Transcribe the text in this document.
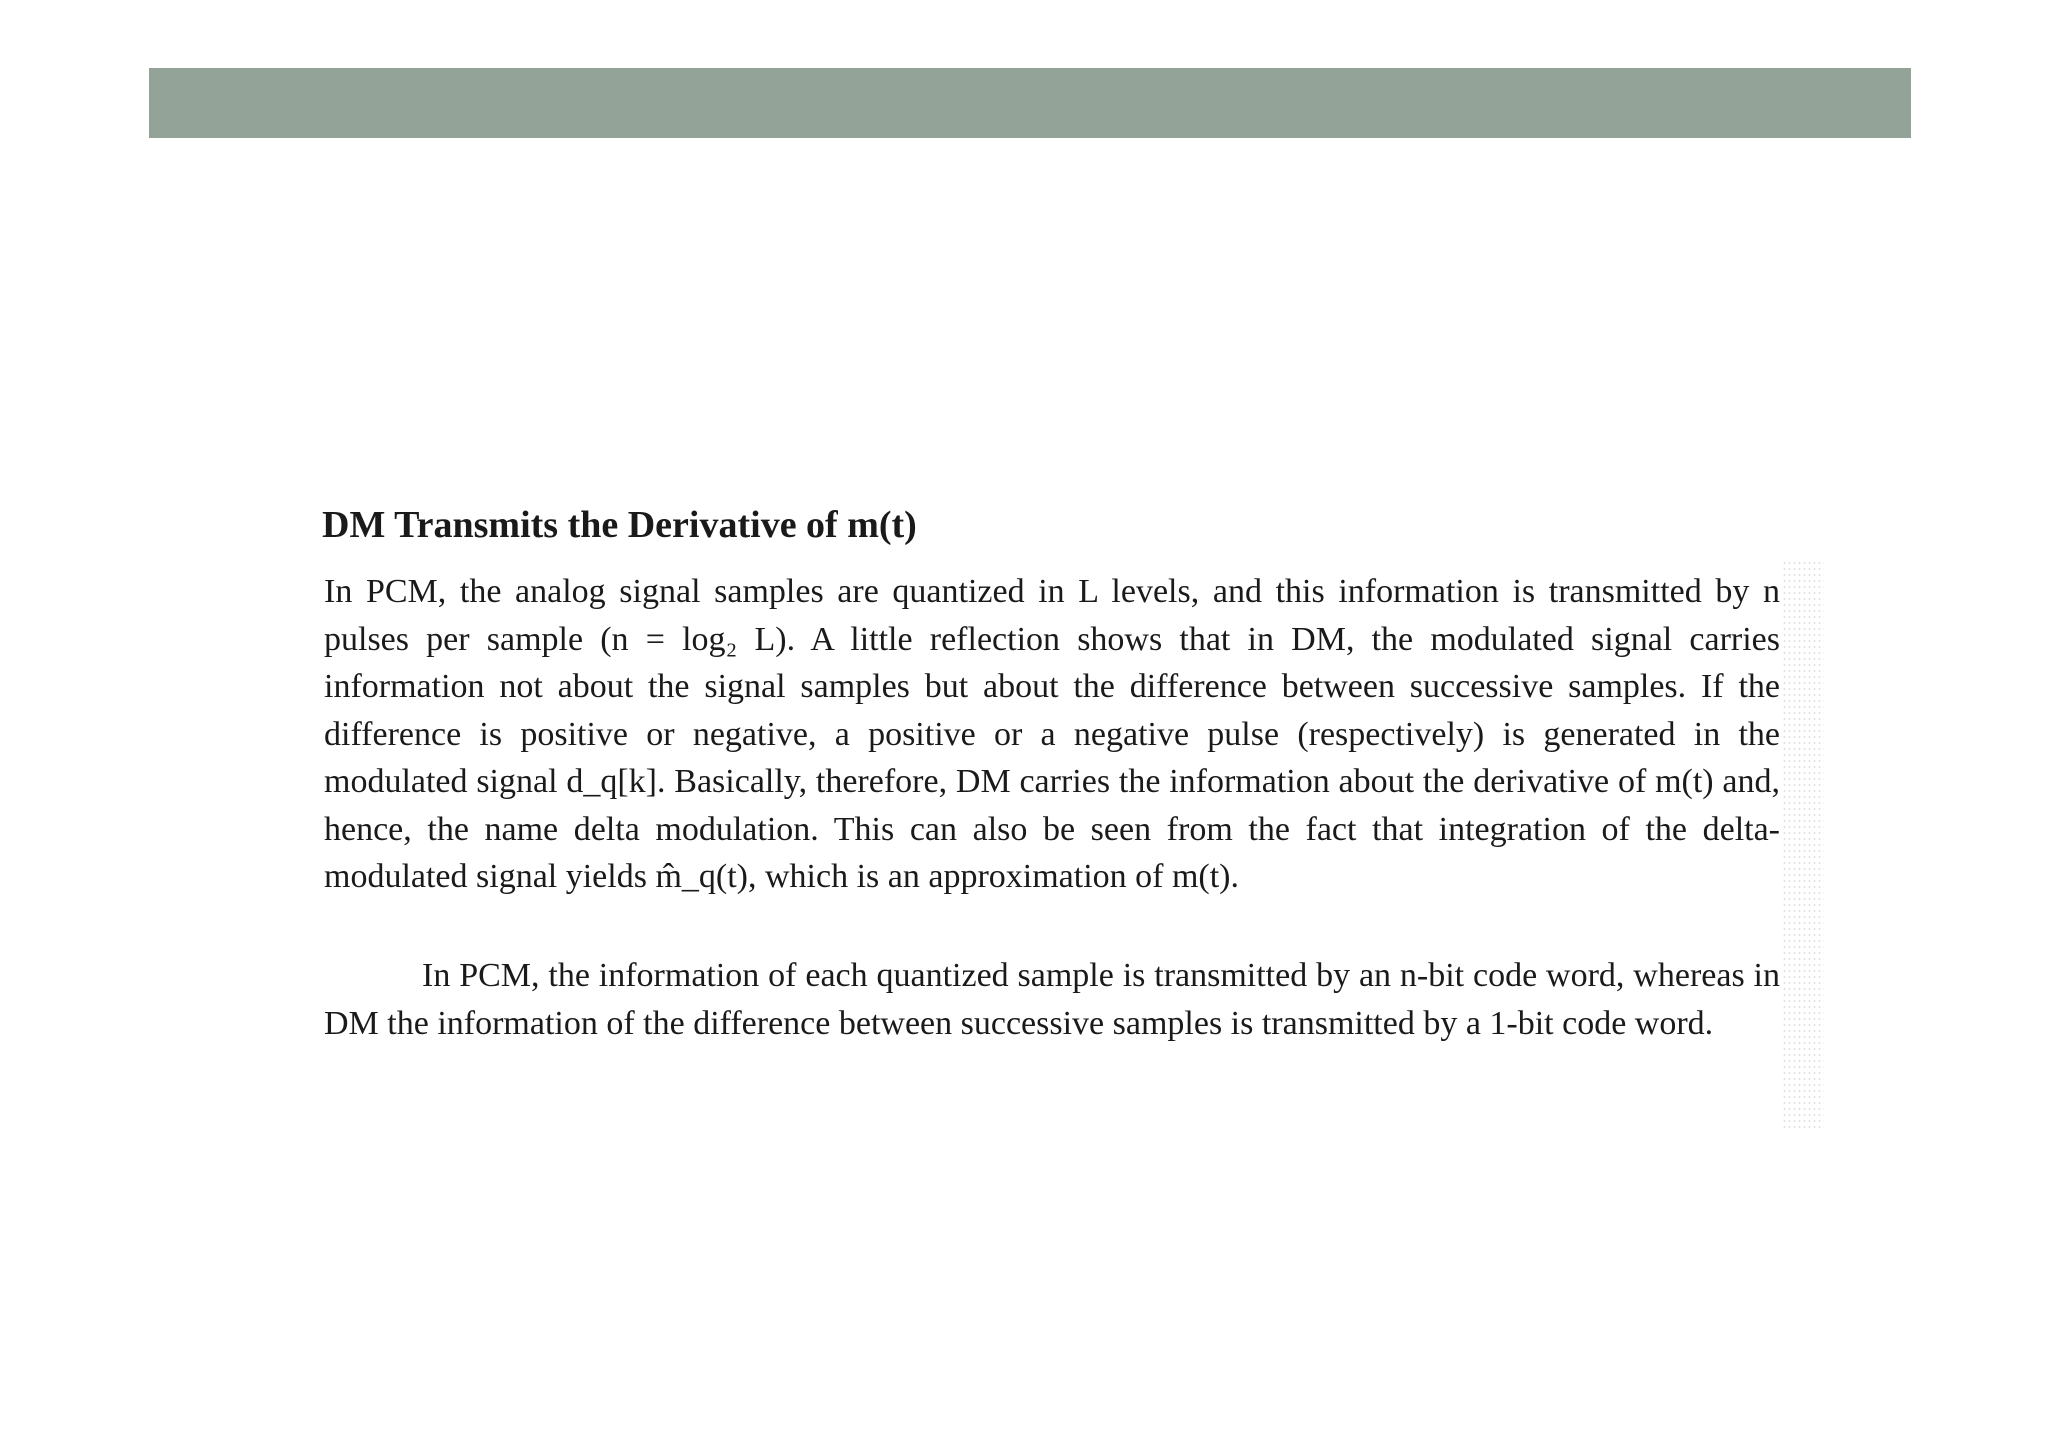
DM Transmits the Derivative of m(t)

In PCM, the analog signal samples are quantized in L levels, and this information is transmitted by n pulses per sample (n = log₂ L). A little reflection shows that in DM, the modulated signal carries information not about the signal samples but about the difference between successive samples. If the difference is positive or negative, a positive or a negative pulse (respectively) is generated in the modulated signal d_q[k]. Basically, therefore, DM carries the information about the derivative of m(t) and, hence, the name delta modulation. This can also be seen from the fact that integration of the delta-modulated signal yields m̂_q(t), which is an approximation of m(t).

In PCM, the information of each quantized sample is transmitted by an n-bit code word, whereas in DM the information of the difference between successive samples is transmitted by a 1-bit code word.
